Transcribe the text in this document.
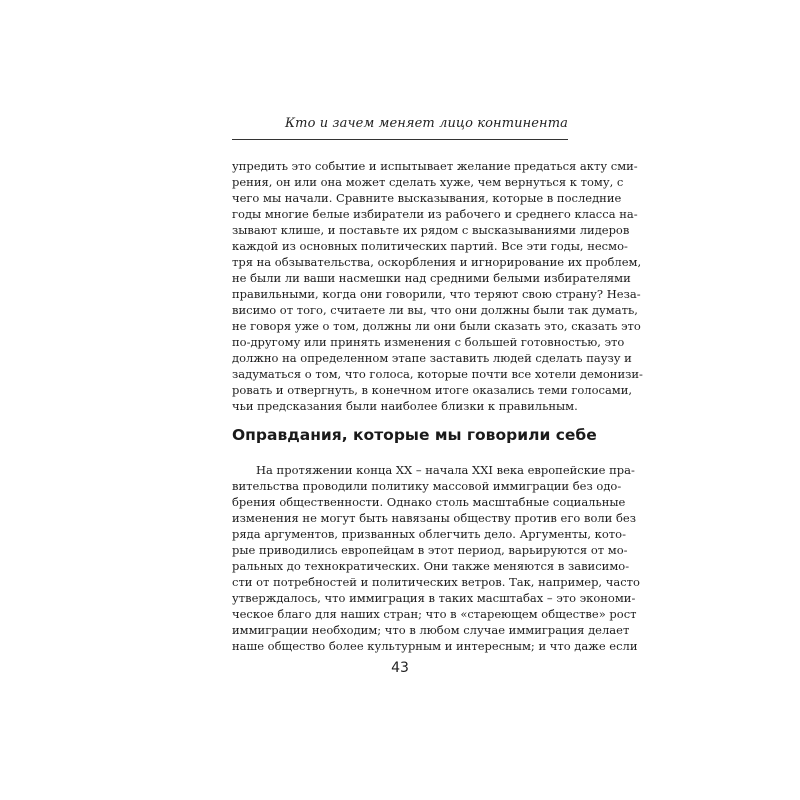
Кто и зачем меняет лицо континента
упредить это событие и испытывает желание предаться акту сми-
рения, он или она может сделать хуже, чем вернуться к тому, с
чего мы начали. Сравните высказывания, которые в последние
годы многие белые избиратели из рабочего и среднего класса на-
зывают клише, и поставьте их рядом с высказываниями лидеров
каждой из основных политических партий. Все эти годы, несмо-
тря на обзывательства, оскорбления и игнорирование их проблем,
не были ли ваши насмешки над средними белыми избирателями
правильными, когда они говорили, что теряют свою страну? Неза-
висимо от того, считаете ли вы, что они должны были так думать,
не говоря уже о том, должны ли они были сказать это, сказать это
по-другому или принять изменения с большей готовностью, это
должно на определенном этапе заставить людей сделать паузу и
задуматься о том, что голоса, которые почти все хотели демонизи-
ровать и отвергнуть, в конечном итоге оказались теми голосами,
чьи предсказания были наиболее близки к правильным.
Оправдания, которые мы говорили себе
На протяжении конца XX – начала XXI века европейские пра-
вительства проводили политику массовой иммиграции без одо-
брения общественности. Однако столь масштабные социальные
изменения не могут быть навязаны обществу против его воли без
ряда аргументов, призванных облегчить дело. Аргументы, кото-
рые приводились европейцам в этот период, варьируются от мо-
ральных до технократических. Они также меняются в зависимо-
сти от потребностей и политических ветров. Так, например, часто
утверждалось, что иммиграция в таких масштабах – это экономи-
ческое благо для наших стран; что в «стареющем обществе» рост
иммиграции необходим; что в любом случае иммиграция делает
наше общество более культурным и интересным; и что даже если
43
